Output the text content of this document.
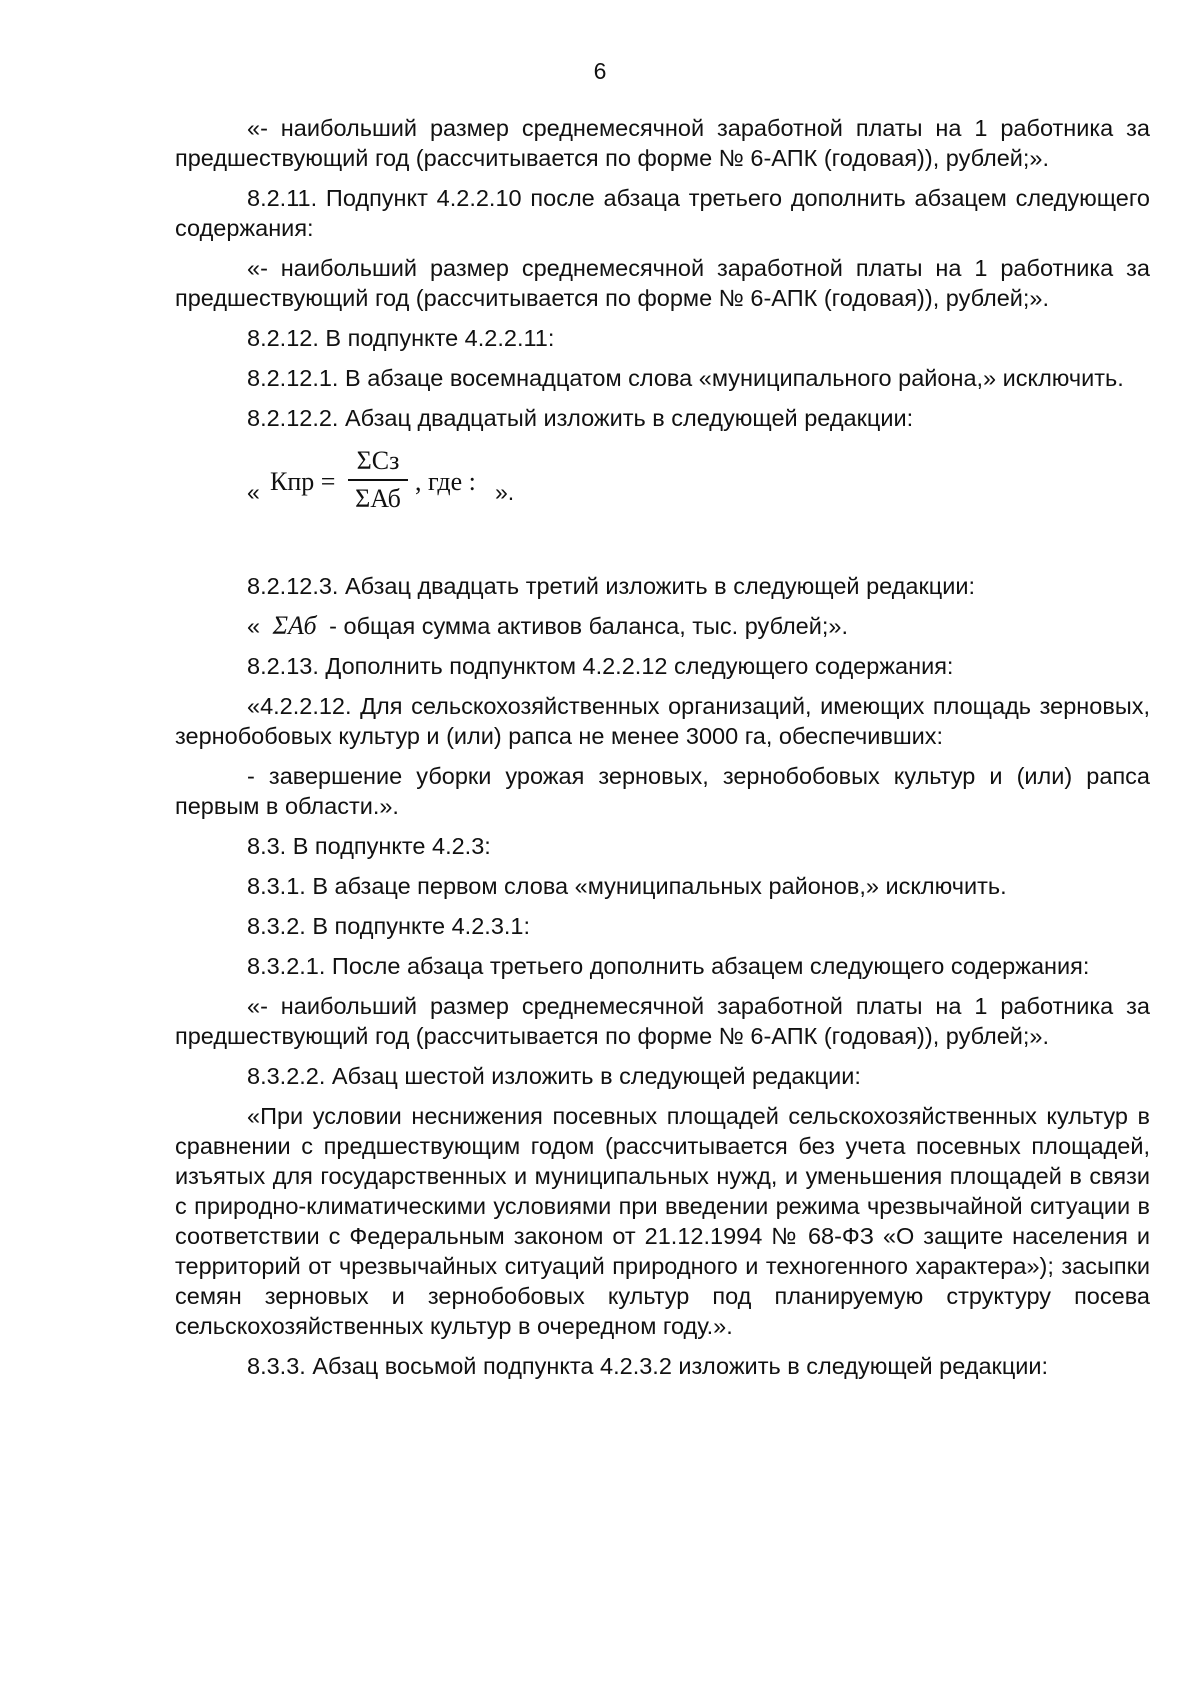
6

«- наибольший размер среднемесячной заработной платы на 1 работника за предшествующий год (рассчитывается по форме № 6-АПК (годовая)), рублей;».

8.2.11. Подпункт 4.2.2.10 после абзаца третьего дополнить абзацем следующего содержания:

«- наибольший размер среднемесячной заработной платы на 1 работника за предшествующий год (рассчитывается по форме № 6-АПК (годовая)), рублей;».

8.2.12. В подпункте 4.2.2.11:

8.2.12.1. В абзаце восемнадцатом слова «муниципального района,» исключить.

8.2.12.2. Абзац двадцатый изложить в следующей редакции:

« Кпр =
ΣСз
ΣАб
, где : ».

8.2.12.3. Абзац двадцать третий изложить в следующей редакции:

« ΣАб - общая сумма активов баланса, тыс. рублей;».

8.2.13. Дополнить подпунктом 4.2.2.12 следующего содержания:

«4.2.2.12. Для сельскохозяйственных организаций, имеющих площадь зерновых, зернобобовых культур и (или) рапса не менее 3000 га, обеспечивших:

- завершение уборки урожая зерновых, зернобобовых культур и (или) рапса первым в области.».

8.3. В подпункте 4.2.3:

8.3.1. В абзаце первом слова «муниципальных районов,» исключить.

8.3.2. В подпункте 4.2.3.1:

8.3.2.1. После абзаца третьего дополнить абзацем следующего содержания:

«- наибольший размер среднемесячной заработной платы на 1 работника за предшествующий год (рассчитывается по форме № 6-АПК (годовая)), рублей;».

8.3.2.2. Абзац шестой изложить в следующей редакции:

«При условии неснижения посевных площадей сельскохозяйственных культур в сравнении с предшествующим годом (рассчитывается без учета посевных площадей, изъятых для государственных и муниципальных нужд, и уменьшения площадей в связи с природно-климатическими условиями при введении режима чрезвычайной ситуации в соответствии с Федеральным законом от 21.12.1994 № 68-ФЗ «О защите населения и территорий от чрезвычайных ситуаций природного и техногенного характера»); засыпки семян зерновых и зернобобовых культур под планируемую структуру посева сельскохозяйственных культур в очередном году.».

8.3.3. Абзац восьмой подпункта 4.2.3.2 изложить в следующей редакции:
